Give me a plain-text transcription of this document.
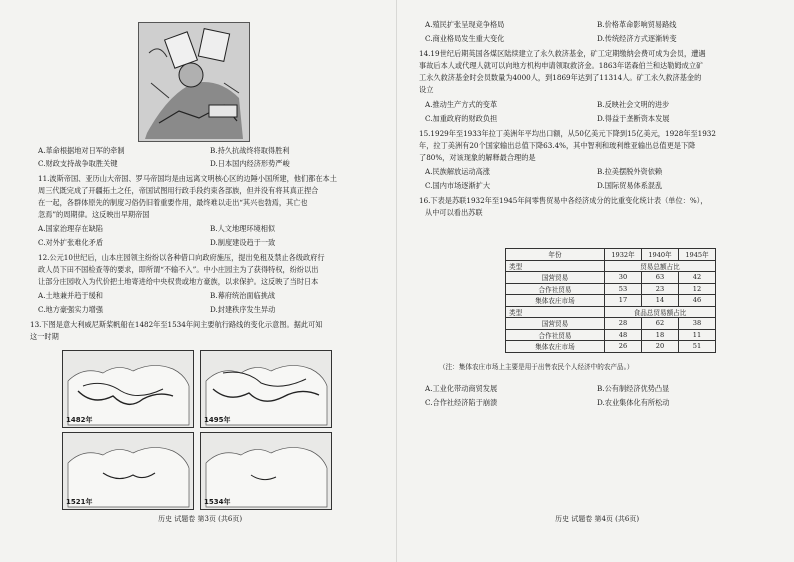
A.革命根据地对日军的牵制	B.持久抗战终将取得胜利
C.财政支持战争取胜关键	D.日本国内经济形势严峻
11.波斯帝国、亚历山大帝国、罗马帝国均是由远离文明核心区的边陲小国所建，他们都在本土
周三代既完成了开疆拓土之任，帝国试图用行政手段约束各部族，但并没有将其真正捏合
在一起，各群体原先的制度习俗仍旧着重要作用，最终难以走出“其兴也勃焉，其亡也
忽焉”的周期律。这反映出早期帝国
A.国家治理存在缺陷	B.人文地理环境相似
C.对外扩张难化矛盾	D.制度建设趋于一致
12.公元10世纪后，山本庄园领主纷纷以各种借口向政府施压，提出免租及禁止各级政府行
政人员下田不国检查等的要求，即所谓“不输不入”。中小庄园主为了获得特权，纷纷以出
让部分庄园收入为代价把土地寄进给中央权贵或地方豪族，以求保护。这反映了当时日本
A.土地兼并趋于缓和	B.幕府统治面临挑战
C.地方豪强实力增强	D.封建秩序发生异动
13.下图是意大利威尼斯桨帆船在1482年至1534年间主要航行路线的变化示意图。据此可知
这一时期
1482年	1495年
1521年	1534年
历史 试题卷 第3页 (共6页)
A.殖民扩张呈现竞争格局	B.价格革命影响贸易路线
C.商业格局发生重大变化	D.传统经济方式逐渐转变
14.19世纪后期英国各煤区陆续建立了永久救济基金，矿工定期缴纳会费可成为会员，遭遇
事故后本人或代理人就可以向地方机构申请领取救济金。1863年诺森伯兰和达勒姆成立矿
工永久救济基金时会员数量为4000人，到1869年达到了11314人。矿工永久救济基金的
设立
A.推动生产方式的变革	B.反映社会文明的进步
C.加重政府的财政负担	D.得益于垄断资本发展
15.1929年至1933年拉丁美洲年平均出口额，从50亿美元下降到15亿美元，1928年至1932
年，拉丁美洲有20个国家输出总值下降63.4%，其中智利和玻利维亚输出总值更是下降
了80%，对该现象的解释最合理的是
A.民族解放运动高涨	B.拉美摆脱外资依赖
C.国内市场逐渐扩大	D.国际贸易体系混乱
16.下表是苏联1932年至1945年间零售贸易中各经济成分的比重变化统计表（单位：%），
从中可以看出苏联
年份	1932年	1940年	1945年
类型	贸易总额占比		
国营贸易	30	63	42
合作社贸易	53	23	12
集体农庄市场	17	14	46
类型	食品总贸易额占比		
国营贸易	28	62	38
合作社贸易	48	18	11
集体农庄市场	26	20	51
（注：集体农庄市场上主要是用于出售农民个人经济中的农产品。）
A.工业化带动商贸发展	B.公有制经济优势凸显
C.合作社经济陷于崩溃	D.农业集体化有所松动
历史 试题卷 第4页 (共6页)
